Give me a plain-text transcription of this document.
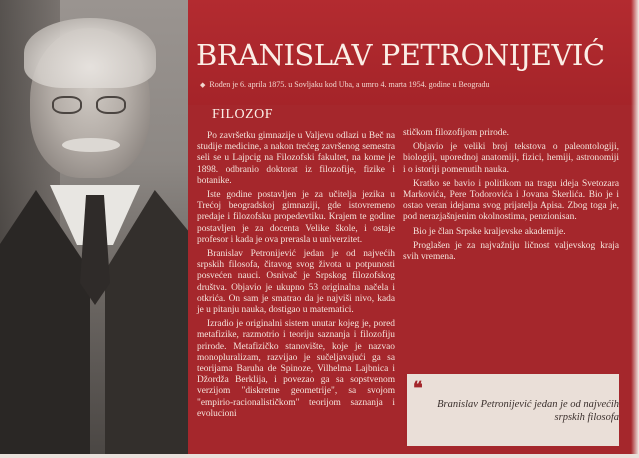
BRANISLAV PETRONIJEVIĆ
◆ Rođen je 6. aprila 1875. u Sovljaku kod Uba, a umro 4. marta 1954. godine u Beogradu
FILOZOF

Po završetku gimnazije u Valjevu odlazi u Beč na studije medicine, a nakon trećeg završenog semestra seli se u Lajpcig na Filozofski fakultet, na kome je 1898. odbranio doktorat iz filozofije, fizike i botanike.

Iste godine postavljen je za učitelja jezika u Trećoj beogradskoj gimnaziji, gde istovremeno predaje i filozofsku propedevtiku. Krajem te godine postavljen je za docenta Velike škole, i ostaje profesor i kada je ova prerasla u univerzitet.

Branislav Petronijević jedan je od najvećih srpskih filosofa, čitavog svog života u potpunosti posvećen nauci. Osnivač je Srpskog filozofskog društva. Objavio je ukupno 53 originalna načela i otkrića. On sam je smatrao da je najviši nivo, kada je u pitanju nauka, dostigao u matematici.

Izradio je originalni sistem unutar kojeg je, pored metafizike, razmotrio i teoriju saznanja i filozofiju prirode. Metafizičko stanovište, koje je nazvao monopluralizam, razvijao je sučeljavajući ga sa teorijama Baruha de Spinoze, Vilhelma Lajbnica i Džordža Berklija, i povezao ga sa sopstvenom verzijom "diskretne geometrije", sa svojom "empirio-racionalističkom" teorijom saznanja i evolucioni

stičkom filozofijom prirode.

Objavio je veliki broj tekstova o paleontologiji, biologiji, uporednoj anatomiji, fizici, hemiji, astronomiji i o istoriji pomenutih nauka.

Kratko se bavio i politikom na tragu ideja Svetozara Markovića, Pere Todorovića i Jovana Skerlića. Bio je i ostao veran idejama svog prijatelja Apisa. Zbog toga je, pod nerazjašnjenim okolnostima, penzionisan.

Bio je član Srpske kraljevske akademije.

Proglašen je za najvažniju ličnost valjevskog kraja svih vremena.

❝
Branislav Petronijević jedan je od najvećih srpskih filosofa
